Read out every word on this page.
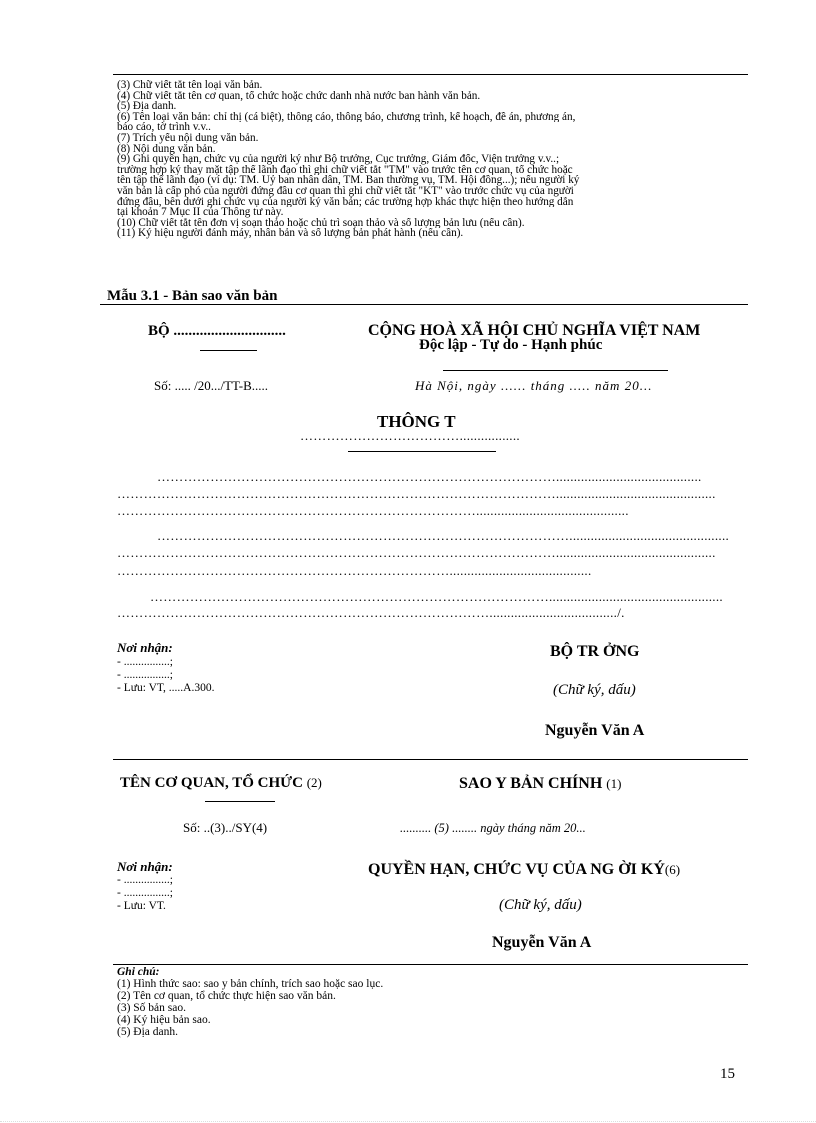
(3) Chữ viết tắt tên loại văn bản.
(4) Chữ viết tắt tên cơ quan, tổ chức hoặc chức danh nhà nước ban hành văn bản.
(5) Địa danh.
(6) Tên loại văn bản: chỉ thị (cá biệt), thông cáo, thông báo, chương trình, kế hoạch, đề án, phương án,
báo cáo, tờ trình v.v..
(7) Trích yếu nội dung văn bản.
(8) Nội dung văn bản.
(9) Ghi quyền hạn, chức vụ của người ký như Bộ trưởng, Cục trưởng, Giám đốc, Viện trưởng v.v..;
trường hợp ký thay mặt tập thể lãnh đạo thì ghi chữ viết tắt "TM" vào trước tên cơ quan, tổ chức hoặc
tên tập thể lãnh đạo (ví dụ: TM. Uỷ ban nhân dân, TM. Ban thường vụ, TM. Hội đồng...); nếu người ký
văn bản là cấp phó của người đứng đầu cơ quan thì ghi chữ viết tắt "KT" vào trước chức vụ của người
đứng đầu, bên dưới ghi chức vụ của người ký văn bản; các trường hợp khác thực hiện theo hướng dẫn
tại khoản 7 Mục II của Thông tư này.
(10) Chữ viết tắt tên đơn vị soạn thảo hoặc chủ trì soạn thảo và số lượng bản lưu (nếu cần).
(11) Ký hiệu người đánh máy, nhân bản và số lượng bản phát hành (nếu cần).
Mẫu 3.1 - Bản sao văn bản
BỘ ..............................	CỘNG HOÀ XÃ HỘI CHỦ NGHĨA VIỆT NAM
Độc lập - Tự do - Hạnh phúc
Số: ..... /20.../TT-B.....	Hà Nội, ngày ...... tháng ..... năm 20...
THÔNG T
……………………………….................
……………………………………………………………………………….........................................
……………………………………………………………………………………….............................................
………………………………………………………………………...........................................
………………………………………………………………………………….............................................
……………………………………………………………………………………….............................................
…………………………………………………………………........................................
……………………………………………………………………………….................................................
…………………………………………………………………………..................................../.
Nơi nhận:
- ................;
- ................;
- Lưu: VT, .....A.300.
BỘ TR ỞNG
(Chữ ký, dấu)
Nguyễn Văn A
TÊN CƠ QUAN, TỔ CHỨC (2)	SAO Y BẢN CHÍNH (1)
Số: ..(3)../SY(4)	.......... (5) ........ ngày tháng năm 20...
Nơi nhận:
- ................;
- ................;
- Lưu: VT.
QUYỀN HẠN, CHỨC VỤ CỦA NG ỜI KÝ(6)
(Chữ ký, dấu)
Nguyễn Văn A
Ghi chú:
(1) Hình thức sao: sao y bản chính, trích sao hoặc sao lục.
(2) Tên cơ quan, tổ chức thực hiện sao văn bản.
(3) Số bản sao.
(4) Ký hiệu bản sao.
(5) Địa danh.
15
